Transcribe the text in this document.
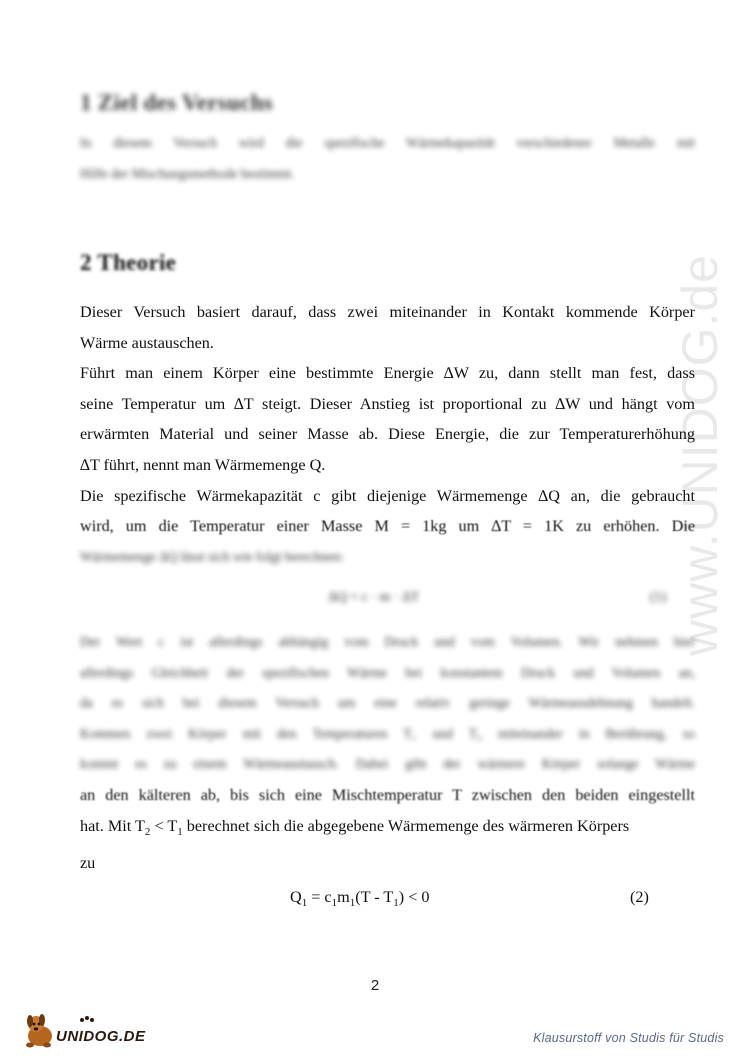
www.UNIDOG.de
1 Ziel des Versuchs
In diesem Versuch wird die spezifische Wärmekapazität verschiedener Metalle mit
Hilfe der Mischungsmethode bestimmt.
2 Theorie
Dieser Versuch basiert darauf, dass zwei miteinander in Kontakt kommende Körper
Wärme austauschen.
Führt man einem Körper eine bestimmte Energie ∆W zu, dann stellt man fest, dass
seine Temperatur um ∆T steigt. Dieser Anstieg ist proportional zu ∆W und hängt vom
erwärmten Material und seiner Masse ab. Diese Energie, die zur Temperaturerhöhung
∆T führt, nennt man Wärmemenge Q.
Die spezifische Wärmekapazität c gibt diejenige Wärmemenge ∆Q an, die gebraucht
wird, um die Temperatur einer Masse M = 1kg um ∆T = 1K zu erhöhen. Die
Wärmemenge ∆Q lässt sich wie folgt berechnen:
∆Q = c · m · ∆T	(1)
Der Wert c ist allerdings abhängig vom Druck und vom Volumen. Wir nehmen hier
allerdings Gleichheit der spezifischen Wärme bei konstantem Druck und Volumen an,
da es sich bei diesem Versuch um eine relativ geringe Wärmeausdehnung handelt.
Kommen zwei Körper mit den Temperaturen T₁ und T₂ miteinander in Berührung, so
kommt es zu einem Wärmeaustausch. Dabei gibt der wärmere Körper solange Wärme
an den kälteren ab, bis sich eine Mischtemperatur T zwischen den beiden eingestellt
hat. Mit $T_2 < T_1$ berechnet sich die abgegebene Wärmemenge des wärmeren Körpers
zu
$Q_1 = c_1m_1(T - T_1) < 0$	(2)
2
UNIDOG.DE	Klausurstoff von Studis für Studis
